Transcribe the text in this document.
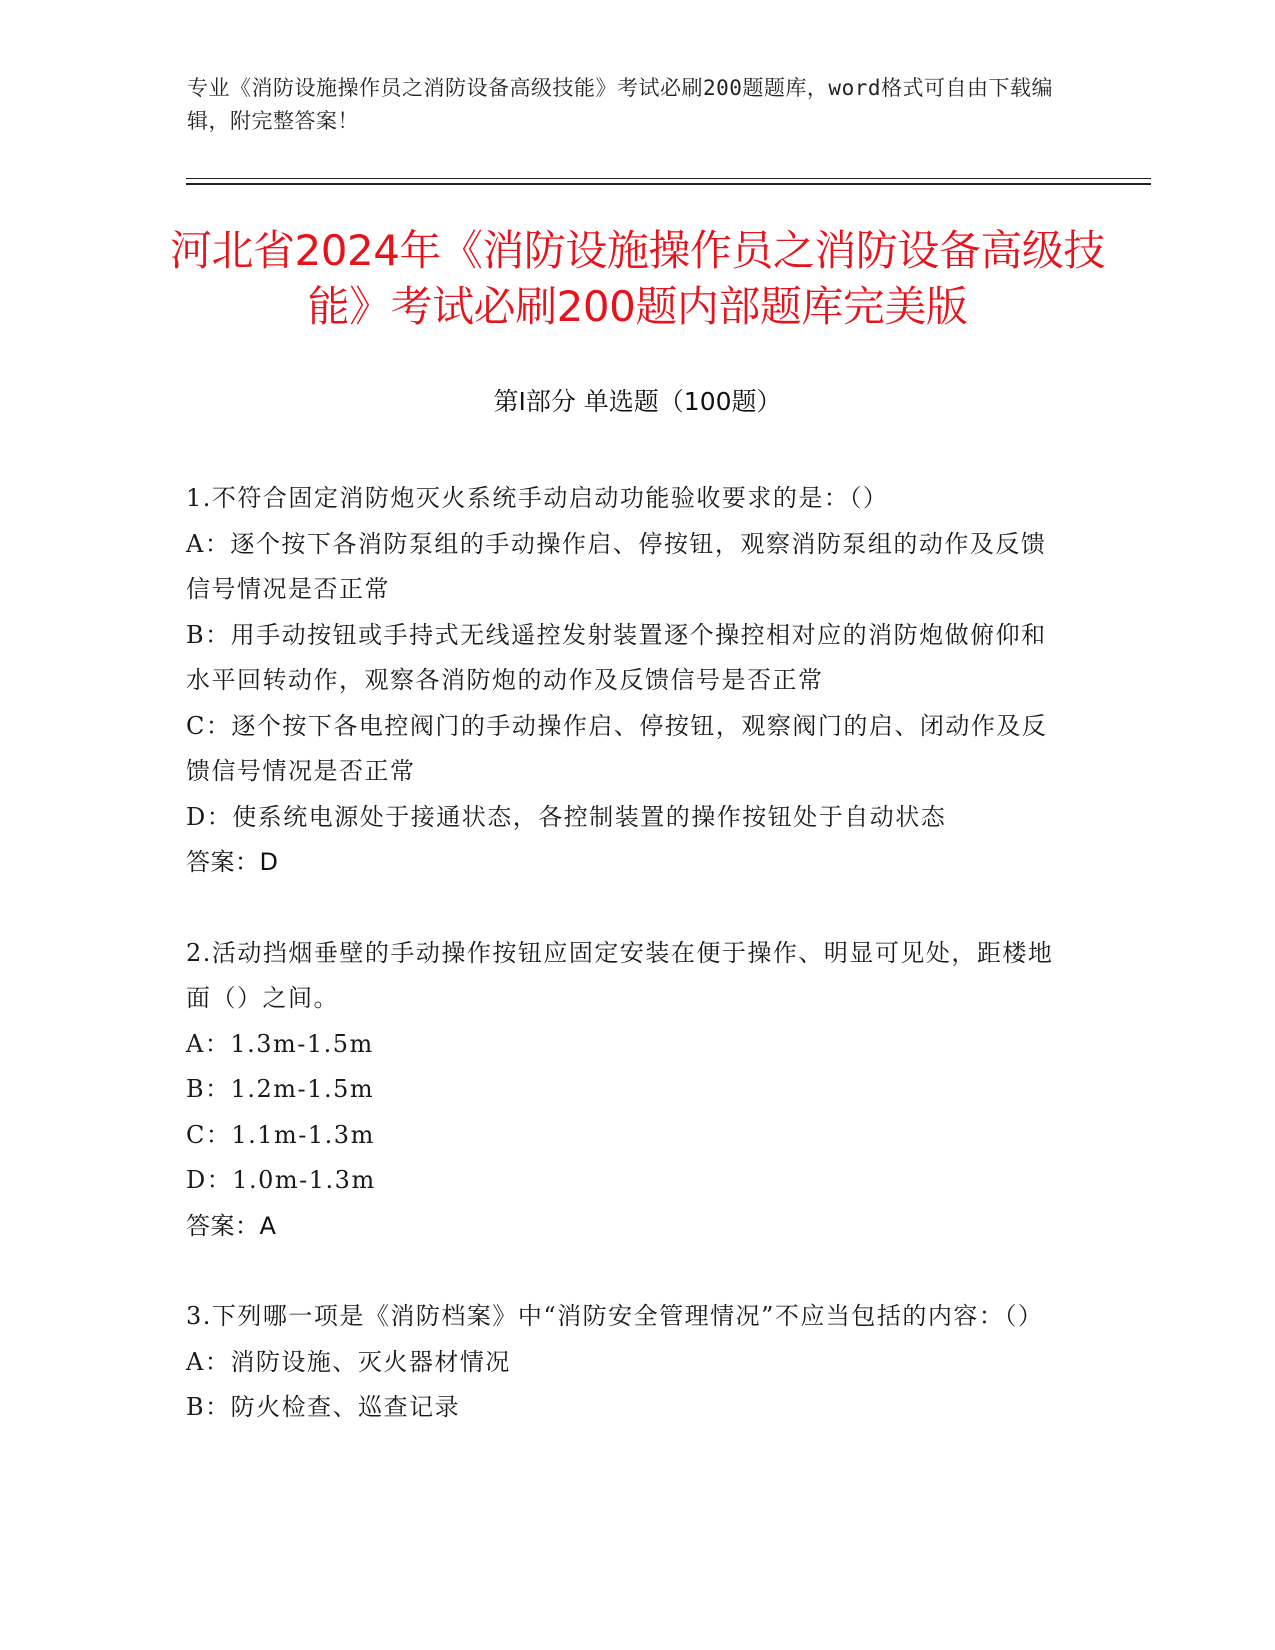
专业《消防设施操作员之消防设备高级技能》考试必刷200题题库，word格式可自由下载编辑，附完整答案！
河北省2024年《消防设施操作员之消防设备高级技能》考试必刷200题内部题库完美版
第Ⅰ部分 单选题（100题）
1.不符合固定消防炮灭火系统手动启动功能验收要求的是：（）
A：逐个按下各消防泵组的手动操作启、停按钮，观察消防泵组的动作及反馈信号情况是否正常
B：用手动按钮或手持式无线遥控发射装置逐个操控相对应的消防炮做俯仰和水平回转动作，观察各消防炮的动作及反馈信号是否正常
C：逐个按下各电控阀门的手动操作启、停按钮，观察阀门的启、闭动作及反馈信号情况是否正常
D：使系统电源处于接通状态，各控制装置的操作按钮处于自动状态
答案：D
2.活动挡烟垂壁的手动操作按钮应固定安装在便于操作、明显可见处，距楼地面（）之间。
A：1.3m-1.5m
B：1.2m-1.5m
C：1.1m-1.3m
D：1.0m-1.3m
答案：A
3.下列哪一项是《消防档案》中“消防安全管理情况”不应当包括的内容：（）
A：消防设施、灭火器材情况
B：防火检查、巡查记录
